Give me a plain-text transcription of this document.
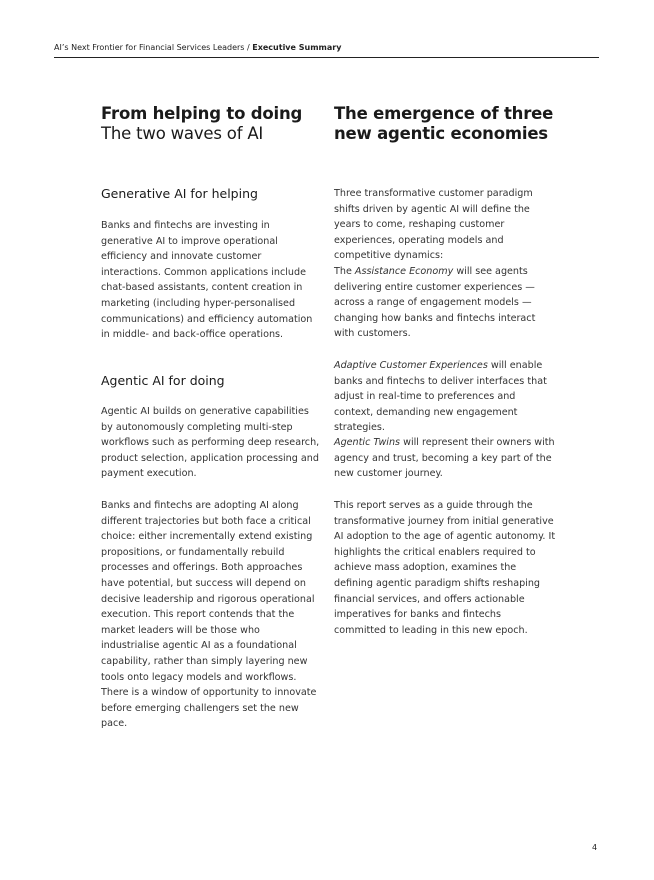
AI’s Next Frontier for Financial Services Leaders / Executive Summary
From helping to doing
The two waves of AI
Generative AI for helping

Banks and fintechs are investing in generative AI to improve operational efficiency and innovate customer interactions. Common applications include chat-based assistants, content creation in marketing (including hyper-personalised communications) and efficiency automation in middle- and back-office operations.

Agentic AI for doing

Agentic AI builds on generative capabilities by autonomously completing multi-step workflows such as performing deep research, product selection, application processing and payment execution.

Banks and fintechs are adopting AI along different trajectories but both face a critical choice: either incrementally extend existing propositions, or fundamentally rebuild processes and offerings. Both approaches have potential, but success will depend on decisive leadership and rigorous operational execution. This report contends that the market leaders will be those who industrialise agentic AI as a foundational capability, rather than simply layering new tools onto legacy models and workflows. There is a window of opportunity to innovate before emerging challengers set the new pace.

The emergence of three new agentic economies

Three transformative customer paradigm shifts driven by agentic AI will define the years to come, reshaping customer experiences, operating models and competitive dynamics:

The Assistance Economy will see agents delivering entire customer experiences — across a range of engagement models — changing how banks and fintechs interact with customers.

Adaptive Customer Experiences will enable banks and fintechs to deliver interfaces that adjust in real-time to preferences and context, demanding new engagement strategies.

Agentic Twins will represent their owners with agency and trust, becoming a key part of the new customer journey.

This report serves as a guide through the transformative journey from initial generative AI adoption to the age of agentic autonomy. It highlights the critical enablers required to achieve mass adoption, examines the defining agentic paradigm shifts reshaping financial services, and offers actionable imperatives for banks and fintechs committed to leading in this new epoch.

4
